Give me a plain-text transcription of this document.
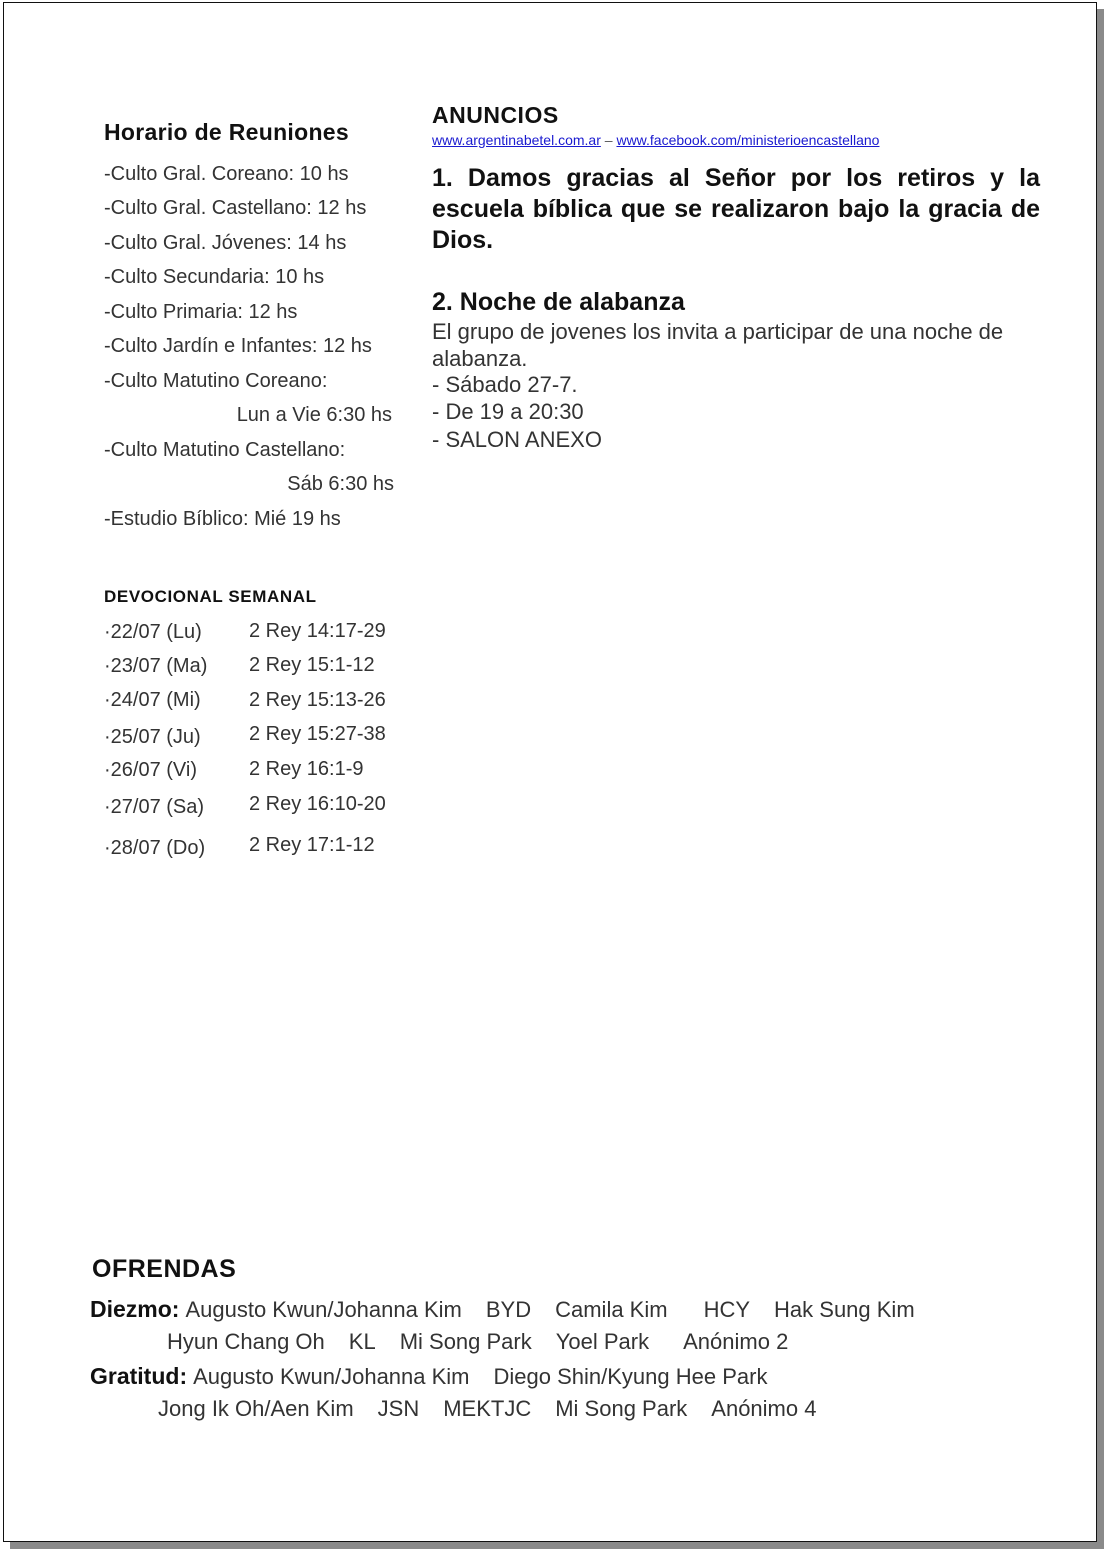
Horario de Reuniones
-Culto Gral. Coreano: 10 hs
-Culto Gral. Castellano: 12 hs
-Culto Gral. Jóvenes: 14 hs
-Culto Secundaria: 10 hs
-Culto Primaria: 12 hs
-Culto Jardín e Infantes: 12 hs
-Culto Matutino Coreano:
Lun a Vie 6:30 hs
-Culto Matutino Castellano:
Sáb 6:30 hs
-Estudio Bíblico: Mié 19 hs
DEVOCIONAL SEMANAL
·22/07 (Lu) 2 Rey 14:17-29
·23/07 (Ma) 2 Rey 15:1-12
·24/07 (Mi) 2 Rey 15:13-26
·25/07 (Ju) 2 Rey 15:27-38
·26/07 (Vi)	2 Rey 16:1-9
·27/07 (Sa) 2 Rey 16:10-20
·28/07 (Do) 2 Rey 17:1-12
ANUNCIOS
www.argentinabetel.com.ar – www.facebook.com/ministerioencastellano
1. Damos gracias al Señor por los retiros y la escuela bíblica que se realizaron bajo la gracia de Dios.
2. Noche de alabanza
El grupo de jovenes los invita a participar de una noche de alabanza.
- Sábado 27-7.
- De 19 a 20:30
- SALON ANEXO
OFRENDAS
Diezmo: Augusto Kwun/Johanna Kim BYD Camila Kim HCY Hak Sung Kim
Hyun Chang Oh KL Mi Song Park Yoel Park Anónimo 2
Gratitud: Augusto Kwun/Johanna Kim Diego Shin/Kyung Hee Park
Jong Ik Oh/Aen Kim JSN MEKTJC Mi Song Park Anónimo 4
